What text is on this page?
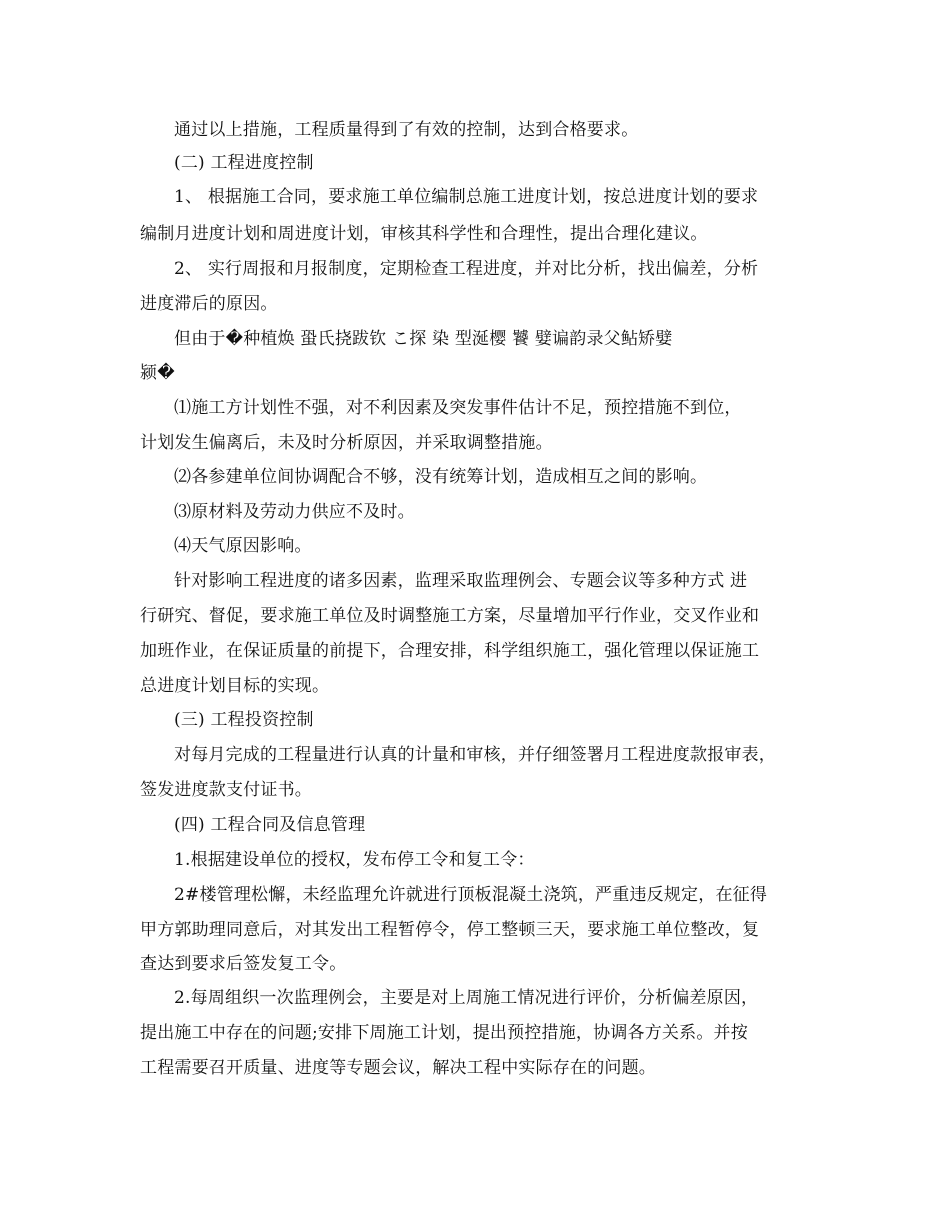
通过以上措施，工程质量得到了有效的控制，达到合格要求。
(二) 工程进度控制
1、 根据施工合同，要求施工单位编制总施工进度计划，按总进度计划的要求
编制月进度计划和周进度计划，审核其科学性和合理性，提出合理化建议。
2、 实行周报和月报制度，定期检查工程进度，并对比分析，找出偏差，分析
进度滞后的原因。
但由于�种植焕 蛩氏挠跋钦 こ探 染 型涎樱 饕 嬖谝韵录父鲇矫嬖
颍�
⑴施工方计划性不强，对不利因素及突发事件估计不足，预控措施不到位，
计划发生偏离后，未及时分析原因，并采取调整措施。
⑵各参建单位间协调配合不够，没有统筹计划，造成相互之间的影响。
⑶原材料及劳动力供应不及时。
⑷天气原因影响。
针对影响工程进度的诸多因素，监理采取监理例会、专题会议等多种方式 进
行研究、督促，要求施工单位及时调整施工方案，尽量增加平行作业，交叉作业和
加班作业，在保证质量的前提下，合理安排，科学组织施工，强化管理以保证施工
总进度计划目标的实现。
(三) 工程投资控制
对每月完成的工程量进行认真的计量和审核，并仔细签署月工程进度款报审表，
签发进度款支付证书。
(四) 工程合同及信息管理
1.根据建设单位的授权，发布停工令和复工令：
2#楼管理松懈，未经监理允许就进行顶板混凝土浇筑，严重违反规定，在征得
甲方郭助理同意后，对其发出工程暂停令，停工整顿三天，要求施工单位整改，复
查达到要求后签发复工令。
2.每周组织一次监理例会，主要是对上周施工情况进行评价，分析偏差原因，
提出施工中存在的问题;安排下周施工计划，提出预控措施，协调各方关系。并按
工程需要召开质量、进度等专题会议，解决工程中实际存在的问题。
